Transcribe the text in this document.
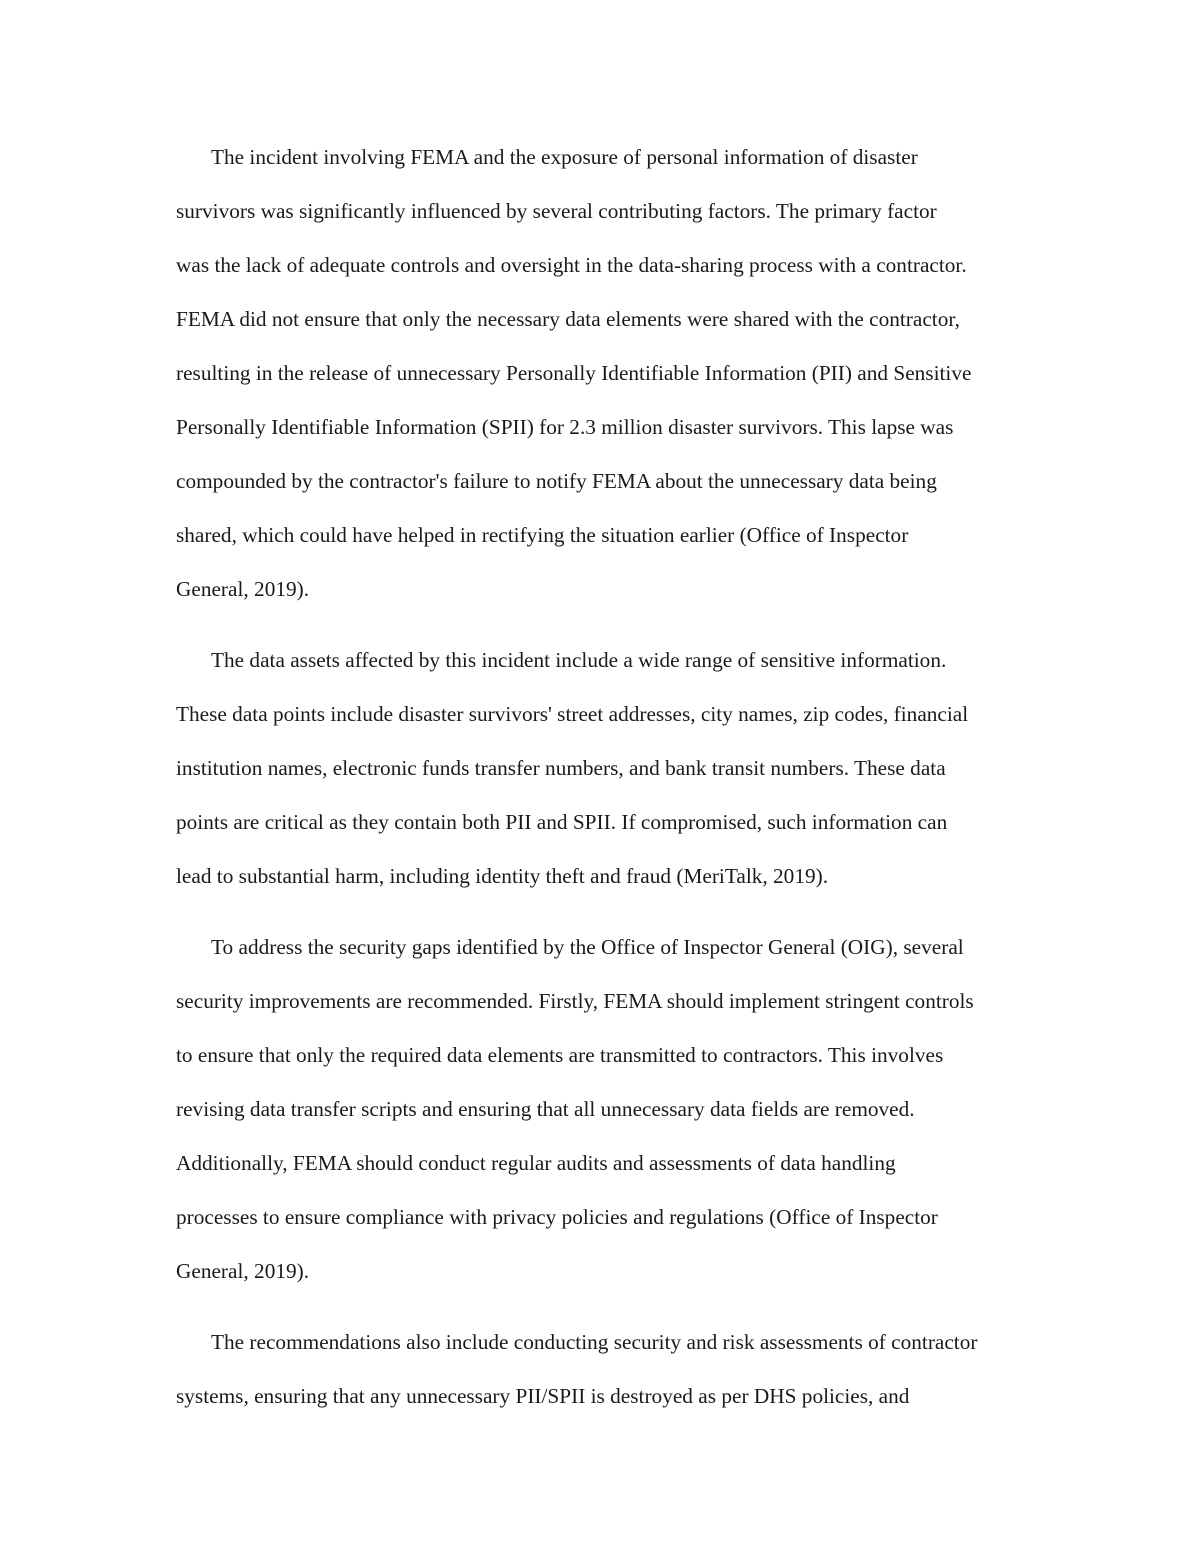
The incident involving FEMA and the exposure of personal information of disaster
survivors was significantly influenced by several contributing factors. The primary factor
was the lack of adequate controls and oversight in the data-sharing process with a contractor.
FEMA did not ensure that only the necessary data elements were shared with the contractor,
resulting in the release of unnecessary Personally Identifiable Information (PII) and Sensitive
Personally Identifiable Information (SPII) for 2.3 million disaster survivors. This lapse was
compounded by the contractor's failure to notify FEMA about the unnecessary data being
shared, which could have helped in rectifying the situation earlier (Office of Inspector
General, 2019).
The data assets affected by this incident include a wide range of sensitive information.
These data points include disaster survivors' street addresses, city names, zip codes, financial
institution names, electronic funds transfer numbers, and bank transit numbers. These data
points are critical as they contain both PII and SPII. If compromised, such information can
lead to substantial harm, including identity theft and fraud (MeriTalk, 2019).
To address the security gaps identified by the Office of Inspector General (OIG), several
security improvements are recommended. Firstly, FEMA should implement stringent controls
to ensure that only the required data elements are transmitted to contractors. This involves
revising data transfer scripts and ensuring that all unnecessary data fields are removed.
Additionally, FEMA should conduct regular audits and assessments of data handling
processes to ensure compliance with privacy policies and regulations (Office of Inspector
General, 2019).
The recommendations also include conducting security and risk assessments of contractor
systems, ensuring that any unnecessary PII/SPII is destroyed as per DHS policies, and
